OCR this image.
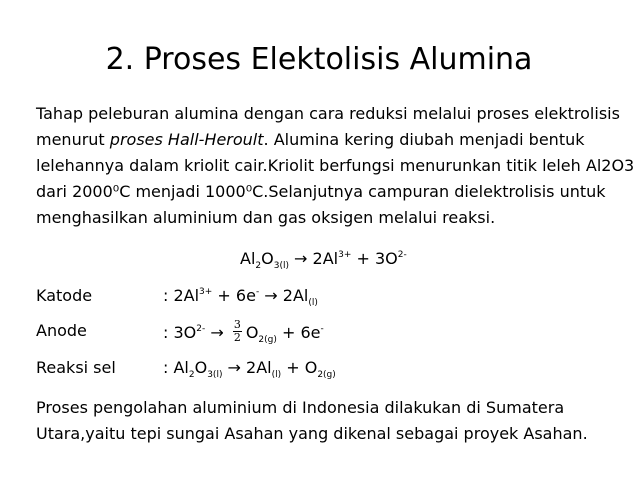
2. Proses Elektolisis Alumina
Tahap peleburan alumina dengan cara reduksi melalui proses elektrolisis menurut proses Hall-Heroult. Alumina kering diubah menjadi bentuk lelehannya dalam kriolit cair.Kriolit berfungsi menurunkan titik leleh Al2O3 dari 2000⁰C menjadi 1000⁰C.Selanjutnya campuran dielektrolisis untuk menghasilkan aluminium dan gas oksigen melalui reaksi.
$Al_2O_{3(l)} \to 2Al^{3+} + 3O^{2-}$
Katode	: $2Al^{3+} + 6e^- \to 2Al_{(l)}$
Anode	: $3O^{2-} \to \frac{3}{2} O_{2(g)} + 6e^-$
Reaksi sel	: $Al_2O_{3(l)} \to 2Al_{(l)} + O_{2(g)}$
Proses pengolahan aluminium di Indonesia dilakukan di Sumatera Utara,yaitu tepi sungai Asahan yang dikenal sebagai proyek Asahan.
